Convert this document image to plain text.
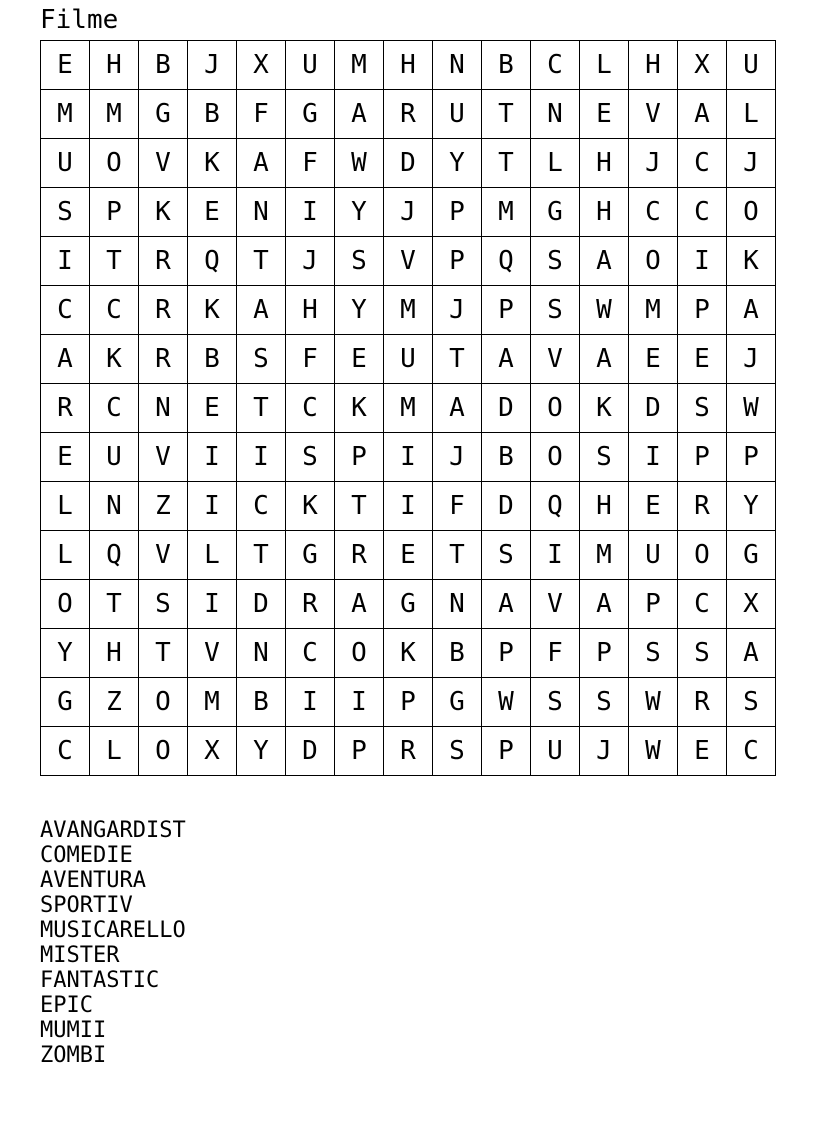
Filme
E	H	B	J	X	U	M	H	N	B	C	L	H	X	U
M	M	G	B	F	G	A	R	U	T	N	E	V	A	L
U	O	V	K	A	F	W	D	Y	T	L	H	J	C	J
S	P	K	E	N	I	Y	J	P	M	G	H	C	C	O
I	T	R	Q	T	J	S	V	P	Q	S	A	O	I	K
C	C	R	K	A	H	Y	M	J	P	S	W	M	P	A
A	K	R	B	S	F	E	U	T	A	V	A	E	E	J
R	C	N	E	T	C	K	M	A	D	O	K	D	S	W
E	U	V	I	I	S	P	I	J	B	O	S	I	P	P
L	N	Z	I	C	K	T	I	F	D	Q	H	E	R	Y
L	Q	V	L	T	G	R	E	T	S	I	M	U	O	G
O	T	S	I	D	R	A	G	N	A	V	A	P	C	X
Y	H	T	V	N	C	O	K	B	P	F	P	S	S	A
G	Z	O	M	B	I	I	P	G	W	S	S	W	R	S
C	L	O	X	Y	D	P	R	S	P	U	J	W	E	C
AVANGARDIST
COMEDIE
AVENTURA
SPORTIV
MUSICARELLO
MISTER
FANTASTIC
EPIC
MUMII
ZOMBI
